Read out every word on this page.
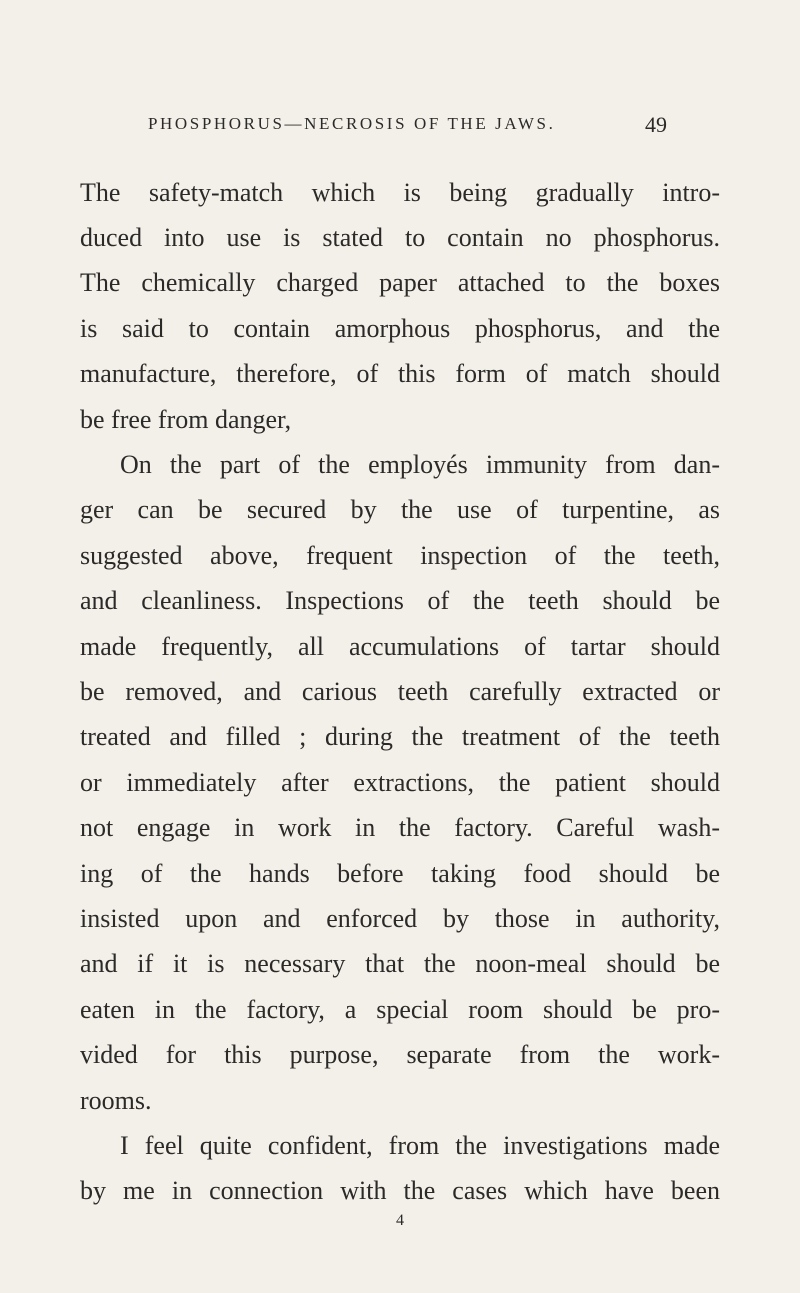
PHOSPHORUS—NECROSIS OF THE JAWS.	49
The safety-match which is being gradually intro-
duced into use is stated to contain no phosphorus.
The chemically charged paper attached to the boxes
is said to contain amorphous phosphorus, and the
manufacture, therefore, of this form of match should
be free from danger,
On the part of the employés immunity from dan-
ger can be secured by the use of turpentine, as
suggested above, frequent inspection of the teeth,
and cleanliness. Inspections of the teeth should be
made frequently, all accumulations of tartar should
be removed, and carious teeth carefully extracted or
treated and filled ; during the treatment of the teeth
or immediately after extractions, the patient should
not engage in work in the factory. Careful wash-
ing of the hands before taking food should be
insisted upon and enforced by those in authority,
and if it is necessary that the noon-meal should be
eaten in the factory, a special room should be pro-
vided for this purpose, separate from the work-
rooms.
I feel quite confident, from the investigations made
by me in connection with the cases which have been
4
